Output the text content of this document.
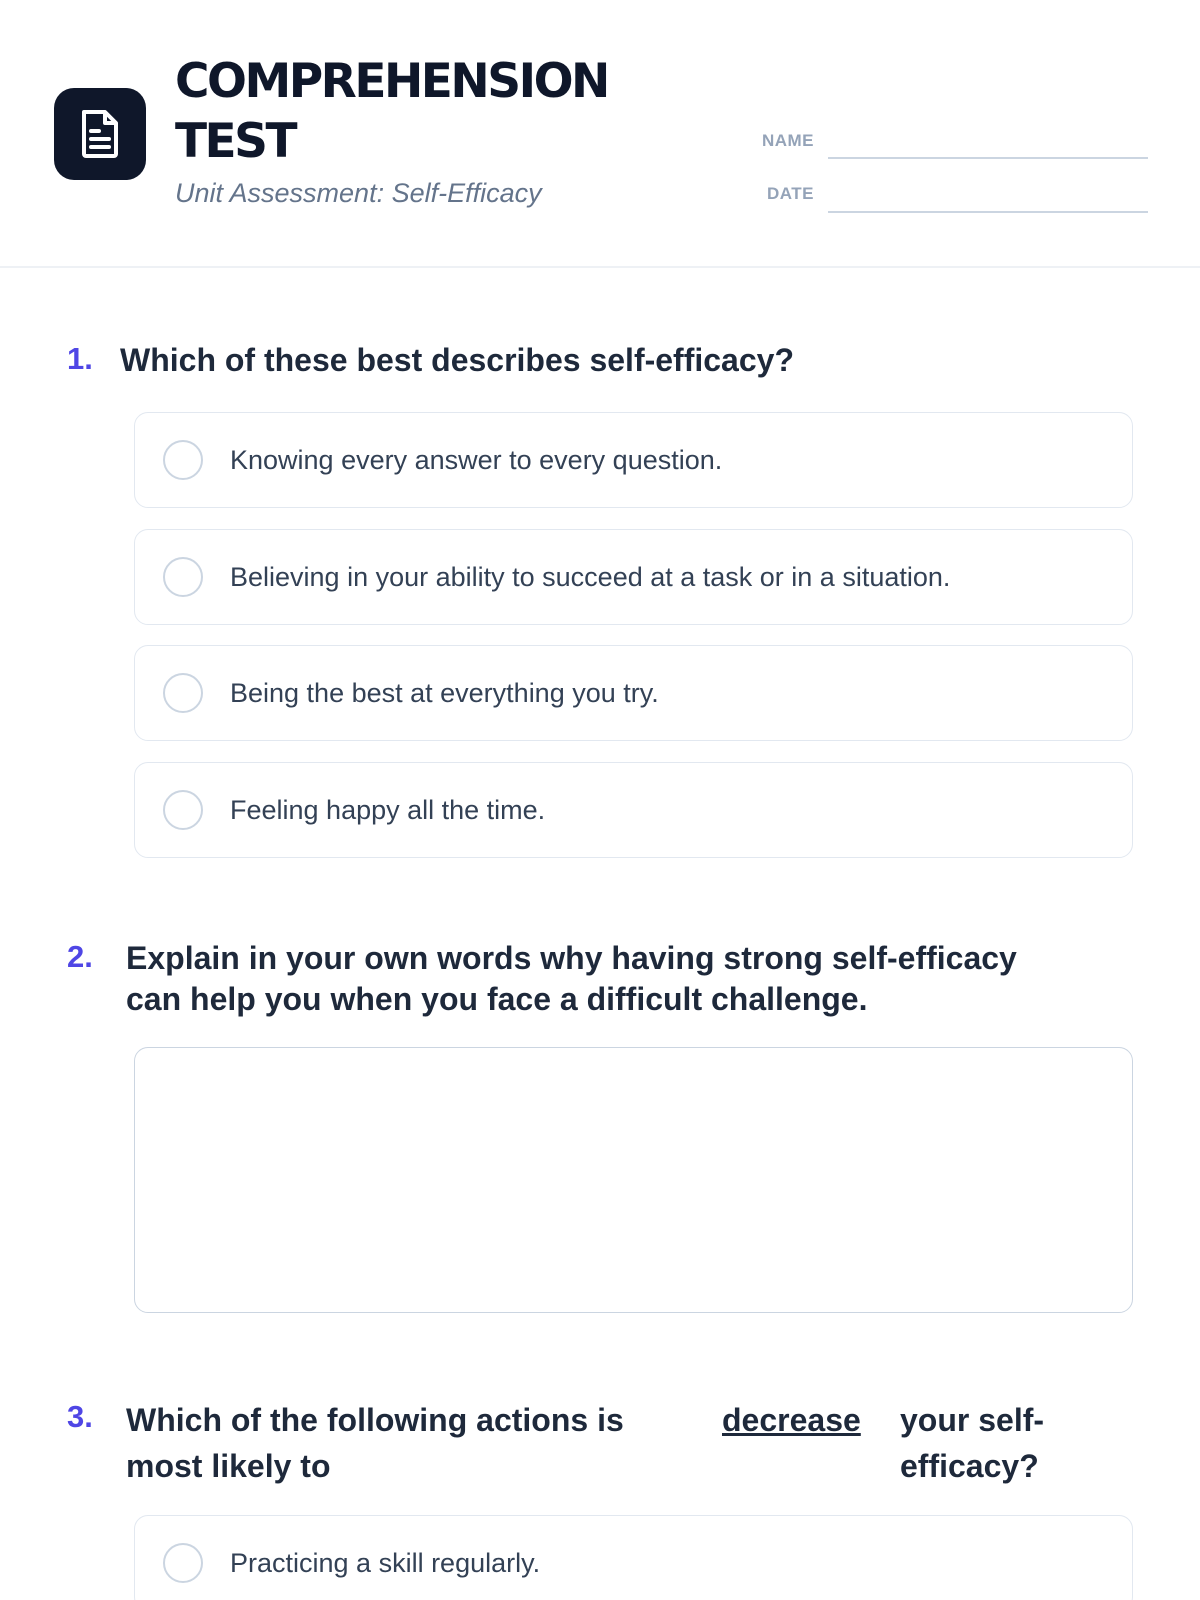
COMPREHENSION
TEST
Unit Assessment: Self-Efficacy
NAME
DATE
1. Which of these best describes self-efficacy?
Knowing every answer to every question.
Believing in your ability to succeed at a task or in a situation.
Being the best at everything you try.
Feeling happy all the time.
2. Explain in your own words why having strong self-efficacy
can help you when you face a difficult challenge.
3. Which of the following actions is
most likely to
decrease your self-
efficacy?
Practicing a skill regularly.
